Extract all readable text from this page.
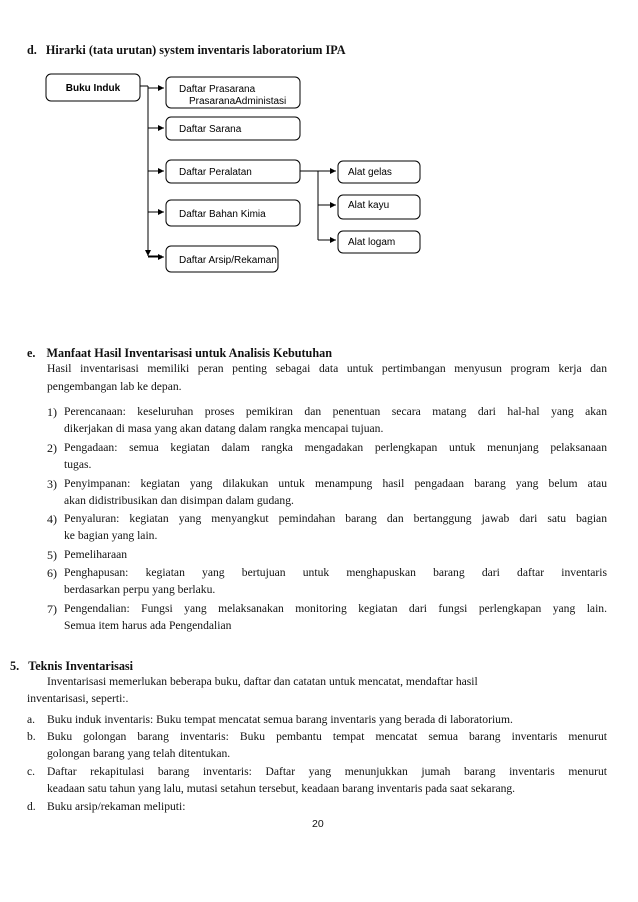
d. Hirarki (tata urutan) system inventaris laboratorium IPA
Buku Induk	Daftar Prasarana
PrasaranaAdministasi
Daftar Sarana
Daftar Peralatan
Daftar Bahan Kimia
Daftar Arsip/Rekaman
Alat gelas
Alat kayu
Alat logam
e. Manfaat Hasil Inventarisasi untuk Analisis Kebutuhan
Hasil inventarisasi memiliki peran penting sebagai data untuk pertimbangan menyusun program kerja dan
pengembangan lab ke depan.
1) Perencanaan: keseluruhan proses pemikiran dan penentuan secara matang dari hal-hal yang akan
dikerjakan di masa yang akan datang dalam rangka mencapai tujuan.
2) Pengadaan: semua kegiatan dalam rangka mengadakan perlengkapan untuk menunjang pelaksanaan
tugas.
3) Penyimpanan: kegiatan yang dilakukan untuk menampung hasil pengadaan barang yang belum atau
akan didistribusikan dan disimpan dalam gudang.
4) Penyaluran: kegiatan yang menyangkut pemindahan barang dan bertanggung jawab dari satu bagian
ke bagian yang lain.
5) Pemeliharaan
6) Penghapusan: kegiatan yang bertujuan untuk menghapuskan barang dari daftar inventaris
berdasarkan perpu yang berlaku.
7) Pengendalian: Fungsi yang melaksanakan monitoring kegiatan dari fungsi perlengkapan yang lain.
Semua item harus ada Pengendalian
5. Teknis Inventarisasi
Inventarisasi memerlukan beberapa buku, daftar dan catatan untuk mencatat, mendaftar hasil
inventarisasi, seperti:.
a. Buku induk inventaris: Buku tempat mencatat semua barang inventaris yang berada di laboratorium.
b. Buku golongan barang inventaris: Buku pembantu tempat mencatat semua barang inventaris menurut
golongan barang yang telah ditentukan.
c. Daftar rekapitulasi barang inventaris: Daftar yang menunjukkan jumah barang inventaris menurut
keadaan satu tahun yang lalu, mutasi setahun tersebut, keadaan barang inventaris pada saat sekarang.
d. Buku arsip/rekaman meliputi:
20
